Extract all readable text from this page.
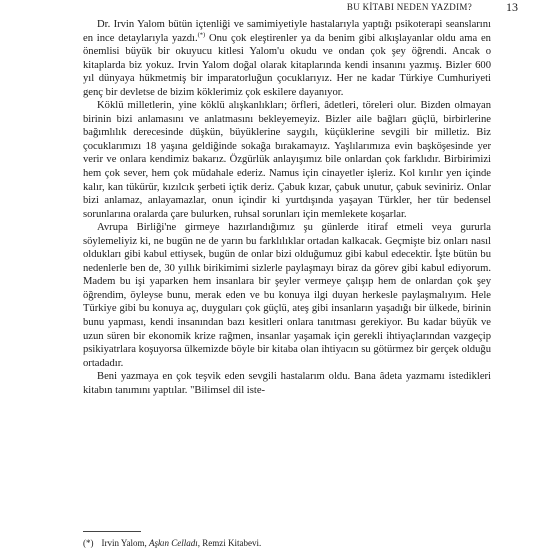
BU KİTABI NEDEN YAZDIM?	13

Dr. Irvin Yalom bütün içtenliği ve samimiyetiyle hastalarıyla yaptığı psikoterapi seanslarını en ince detaylarıyla yazdı.(*) Onu çok eleştirenler ya da benim gibi alkışlayanlar oldu ama en önemlisi büyük bir okuyucu kitlesi Yalom'u okudu ve ondan çok şey öğrendi. Ancak o kitaplarda biz yokuz. Irvin Yalom doğal olarak kitaplarında kendi insanını yazmış. Bizler 600 yıl dünyaya hükmetmiş bir imparatorluğun çocuklarıyız. Her ne kadar Türkiye Cumhuriyeti genç bir devletse de bizim köklerimiz çok eskilere dayanıyor.

Köklü milletlerin, yine köklü alışkanlıkları; örfleri, âdetleri, töreleri olur. Bizden olmayan birinin bizi anlamasını ve anlatmasını bekleyemeyiz. Bizler aile bağları güçlü, birbirlerine bağımlılık derecesinde düşkün, büyüklerine saygılı, küçüklerine sevgili bir milletiz. Biz çocuklarımızı 18 yaşına geldiğinde sokağa bırakamayız. Yaşlılarımıza evin başköşesinde yer verir ve onlara kendimiz bakarız. Özgürlük anlayışımız bile onlardan çok farklıdır. Birbirimizi hem çok sever, hem çok müdahale ederiz. Namus için cinayetler işleriz. Kol kırılır yen içinde kalır, kan tükürür, kızılcık şerbeti içtik deriz. Çabuk kızar, çabuk unutur, çabuk seviniriz. Onlar bizi anlamaz, anlayamazlar, onun içindir ki yurtdışında yaşayan Türkler, her tür bedensel sorunlarına oralarda çare bulurken, ruhsal sorunları için memlekete koşarlar.

Avrupa Birliği'ne girmeye hazırlandığımız şu günlerde itiraf etmeli veya gururla söylemeliyiz ki, ne bugün ne de yarın bu farklılıklar ortadan kalkacak. Geçmişte biz onları nasıl oldukları gibi kabul ettiysek, bugün de onlar bizi olduğumuz gibi kabul edecektir. İşte bütün bu nedenlerle ben de, 30 yıllık birikimimi sizlerle paylaşmayı biraz da görev gibi kabul ediyorum. Madem bu işi yaparken hem insanlara bir şeyler vermeye çalışıp hem de onlardan çok şey öğrendim, öyleyse bunu, merak eden ve bu konuya ilgi duyan herkesle paylaşmalıyım. Hele Türkiye gibi bu konuya aç, duyguları çok güçlü, ateş gibi insanların yaşadığı bir ülkede, birinin bunu yapması, kendi insanından bazı kesitleri onlara tanıtması gerekiyor. Bu kadar büyük ve uzun süren bir ekonomik krize rağmen, insanlar yaşamak için gerekli ihtiyaçlarından vazgeçip psikiyatrlara koşuyorsa ülkemizde böyle bir kitaba olan ihtiyacın su götürmez bir gerçek olduğu ortadadır.

Beni yazmaya en çok teşvik eden sevgili hastalarım oldu. Bana âdeta yazmamı istedikleri kitabın tanımını yaptılar. "Bilimsel dil iste-

(*) Irvin Yalom, Aşkın Celladı, Remzi Kitabevi.
